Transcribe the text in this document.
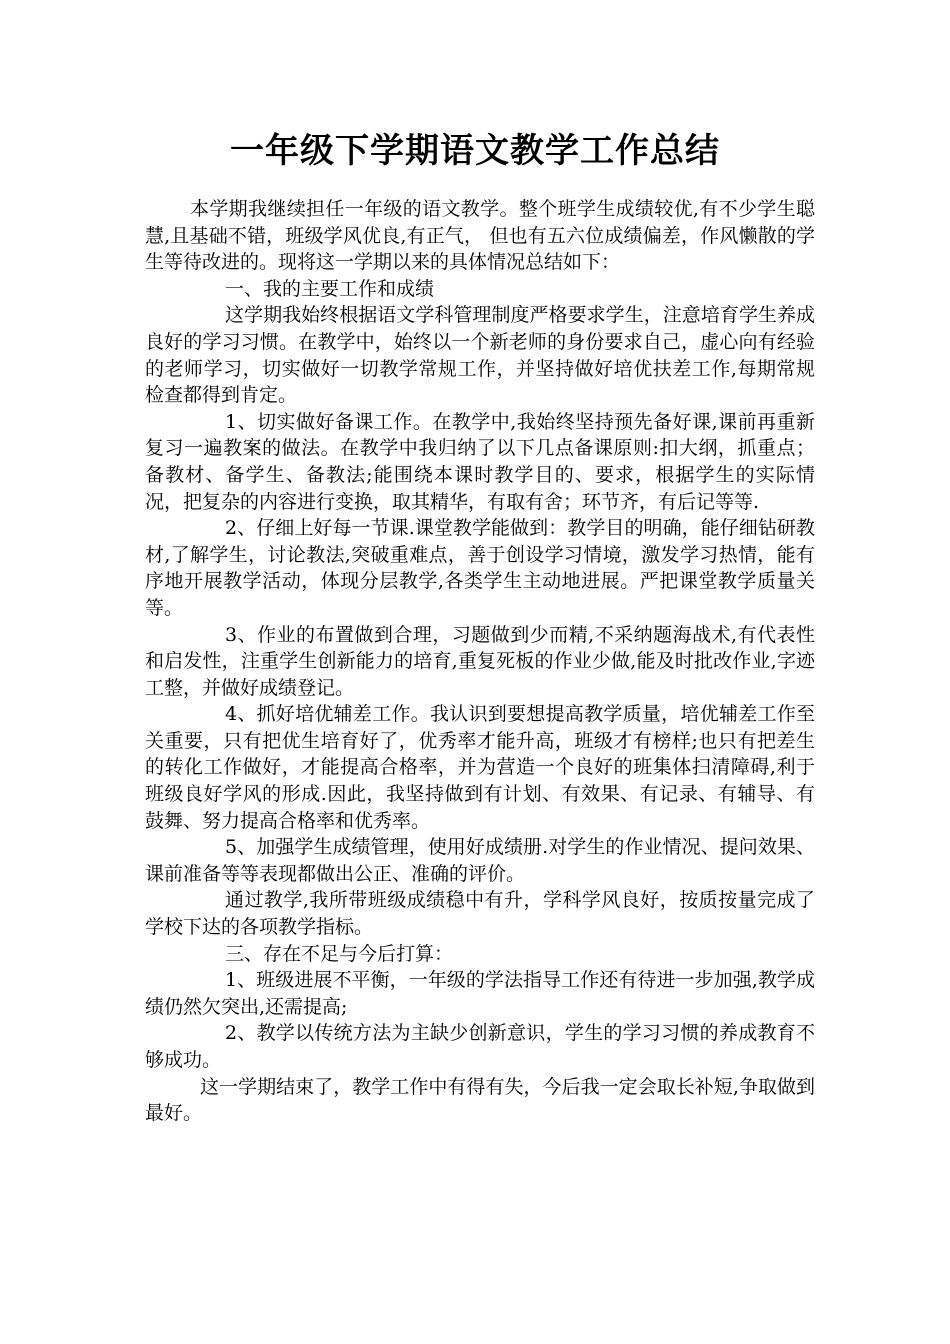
一年级下学期语文教学工作总结

本学期我继续担任一年级的语文教学。整个班学生成绩较优,有不少学生聪慧,且基础不错，班级学风优良,有正气， 但也有五六位成绩偏差，作风懒散的学生等待改进的。现将这一学期以来的具体情况总结如下：

一、我的主要工作和成绩

这学期我始终根据语文学科管理制度严格要求学生，注意培育学生养成良好的学习习惯。在教学中，始终以一个新老师的身份要求自己，虚心向有经验的老师学习，切实做好一切教学常规工作，并坚持做好培优扶差工作,每期常规检查都得到肯定。

1、切实做好备课工作。在教学中,我始终坚持预先备好课,课前再重新复习一遍教案的做法。在教学中我归纳了以下几点备课原则:扣大纲，抓重点；备教材、备学生、备教法;能围绕本课时教学目的、要求，根据学生的实际情况，把复杂的内容进行变换，取其精华，有取有舍；环节齐，有后记等等.

2、仔细上好每一节课.课堂教学能做到：教学目的明确，能仔细钻研教材,了解学生，讨论教法,突破重难点，善于创设学习情境，激发学习热情，能有序地开展教学活动，体现分层教学,各类学生主动地进展。严把课堂教学质量关等。

3、作业的布置做到合理，习题做到少而精,不采纳题海战术,有代表性和启发性，注重学生创新能力的培育,重复死板的作业少做,能及时批改作业,字迹工整，并做好成绩登记。

4、抓好培优辅差工作。我认识到要想提高教学质量，培优辅差工作至关重要，只有把优生培育好了，优秀率才能升高，班级才有榜样;也只有把差生的转化工作做好，才能提高合格率，并为营造一个良好的班集体扫清障碍,利于班级良好学风的形成.因此，我坚持做到有计划、有效果、有记录、有辅导、有鼓舞、努力提高合格率和优秀率。

5、加强学生成绩管理，使用好成绩册.对学生的作业情况、提问效果、课前准备等等表现都做出公正、准确的评价。

通过教学,我所带班级成绩稳中有升，学科学风良好，按质按量完成了学校下达的各项教学指标。

三、存在不足与今后打算：

1、班级进展不平衡，一年级的学法指导工作还有待进一步加强,教学成绩仍然欠突出,还需提高;

2、教学以传统方法为主缺少创新意识，学生的学习习惯的养成教育不够成功。

这一学期结束了，教学工作中有得有失，今后我一定会取长补短,争取做到最好。
